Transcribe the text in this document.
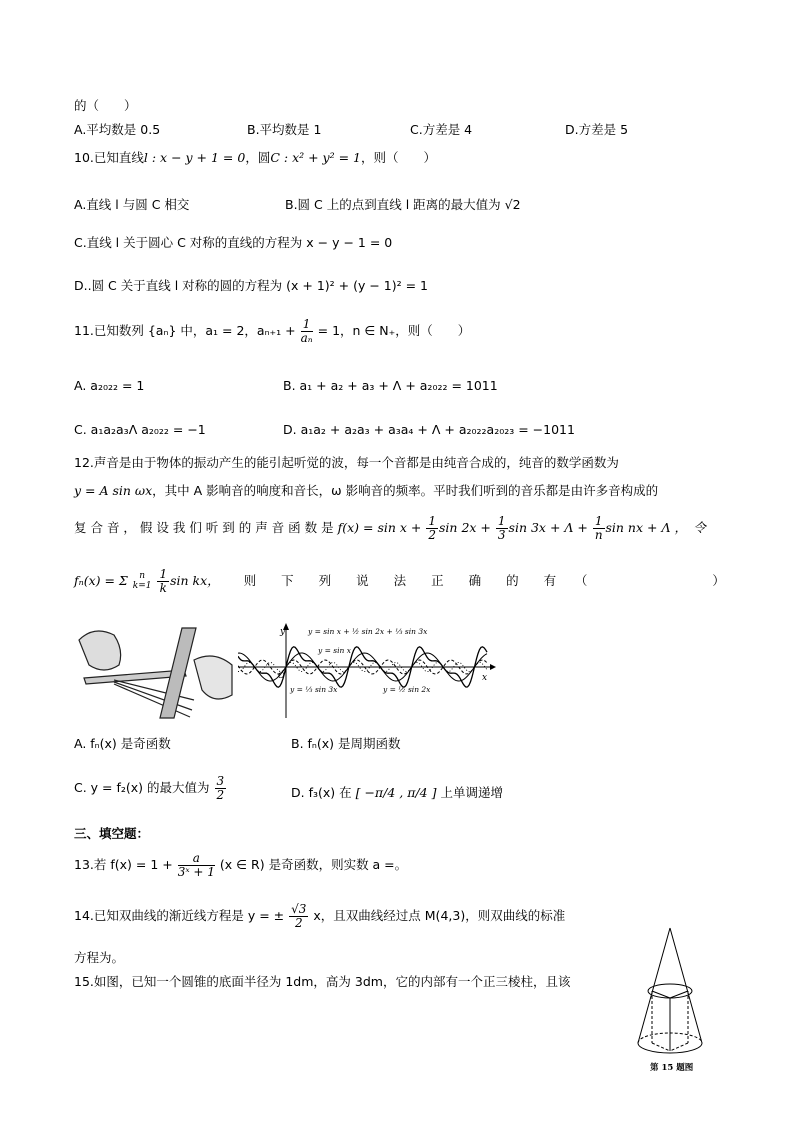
的（　　）
A.平均数是 0.5	B.平均数是 1	C.方差是 4	D.方差是 5
10.已知直线l : x − y + 1 = 0，圆C : x² + y² = 1，则（　　）
A.直线 l 与圆 C 相交	B.圆 C 上的点到直线 l 距离的最大值为 √2
C.直线 l 关于圆心 C 对称的直线的方程为 x − y − 1 = 0
D..圆 C 关于直线 l 对称的圆的方程为 (x + 1)² + (y − 1)² = 1
11.已知数列 {aₙ} 中，a₁ = 2，$a_{n+1} + \frac{1}{\text{aₙ}} = 1$，n ∈ N₊，则（　　）
A. a₂₀₂₂ = 1	B. a₁ + a₂ + a₃ + Λ + a₂₀₂₂ = 1011
C. a₁a₂a₃Λ a₂₀₂₂ = −1	D. a₁a₂ + a₂a₃ + a₃a₄ + Λ + a₂₀₂₂a₂₀₂₃ = −1011
12.声音是由于物体的振动产生的能引起听觉的波，每一个音都是由纯音合成的，纯音的数学函数为
y = A sin ωx，其中 A 影响音的响度和音长，ω 影响音的频率。平时我们听到的音乐都是由许多音构成的
复 合 音 ， 假 设 我 们 听 到 的 声 音 函 数 是 $f(x) = \sin x + \frac{1}{2}$ $\sin 2x + \frac{1}{3}$ $\sin 3x + \Lambda + \frac{1}{n}$ sin nx + Λ ，　令
fₙ(x) = Σ	n
k=1
$\frac{1}{k}$ sin kx， 则　　下　　列　　说　　法　　正　　确　　的　　有　　（　　　　　　　　　　）
y
x
O
y = sin x + ½ sin 2x + ⅓ sin 3x
y = sin x
y = ⅓ sin 3x	y = ½ sin 2x
A. fₙ(x) 是奇函数	B. fₙ(x) 是周期函数
C. y = f₂(x) 的最大值为 $\frac{3}{2}$	D. f₃(x) 在 [ −π/4 , π/4 ] 上单调递增
三、填空题：
13.若 $f(x) = 1 + \frac{a}{\text{3ˣ + 1}} (x$ ∈ R) 是奇函数，则实数 a =。
14.已知双曲线的渐近线方程是 y = ± $\frac{√3}{2}$ x，且双曲线经过点 M(4,3)，则双曲线的标准
方程为。
15.如图，已知一个圆锥的底面半径为 1dm，高为 3dm，它的内部有一个正三棱柱，且该
第 15 题图
